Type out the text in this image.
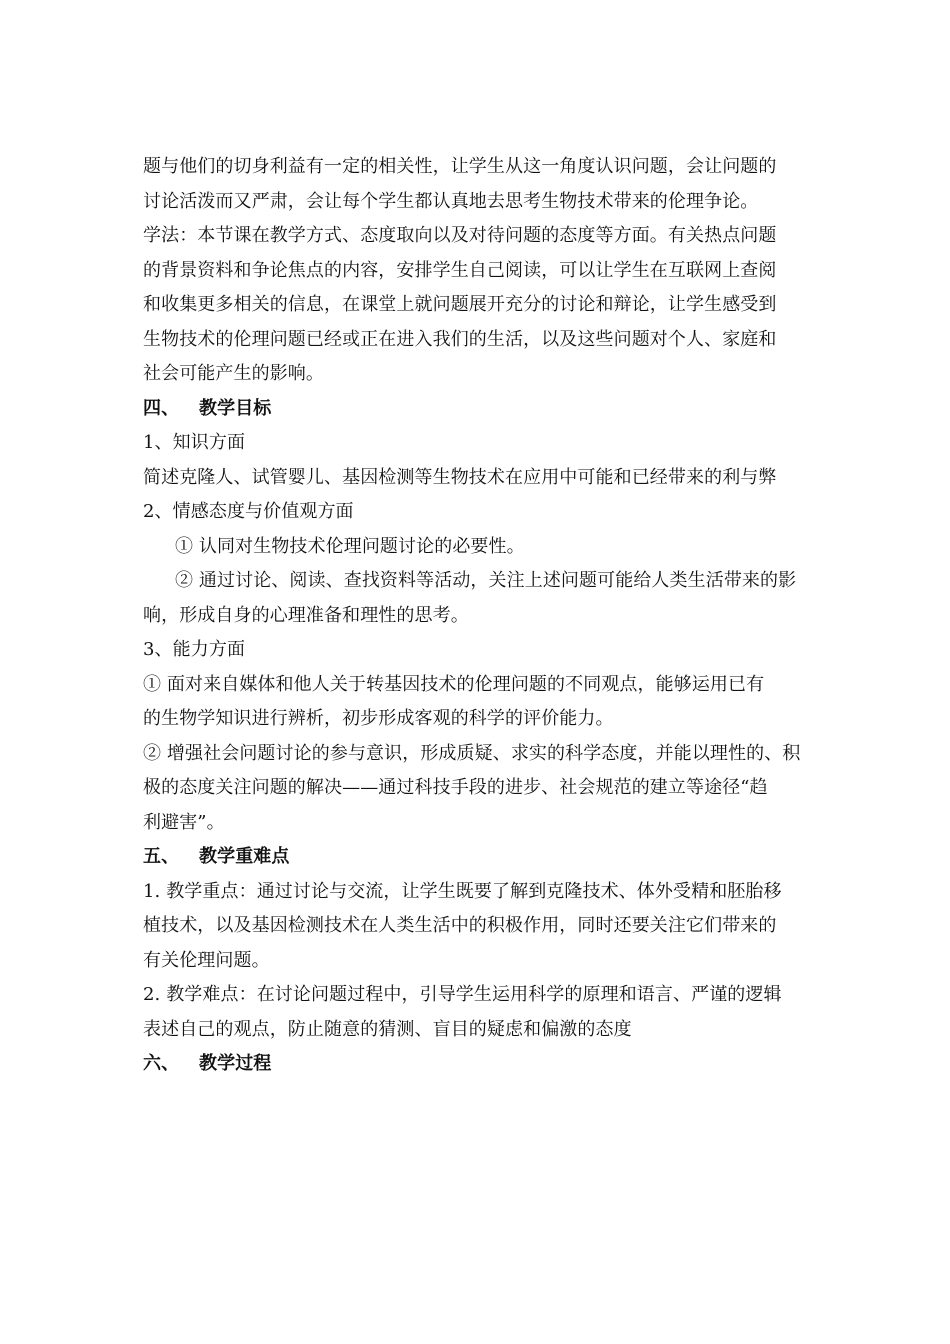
题与他们的切身利益有一定的相关性，让学生从这一角度认识问题，会让问题的
讨论活泼而又严肃，会让每个学生都认真地去思考生物技术带来的伦理争论。
学法：本节课在教学方式、态度取向以及对待问题的态度等方面。有关热点问题
的背景资料和争论焦点的内容，安排学生自己阅读，可以让学生在互联网上查阅
和收集更多相关的信息，在课堂上就问题展开充分的讨论和辩论，让学生感受到
生物技术的伦理问题已经或正在进入我们的生活，以及这些问题对个人、家庭和
社会可能产生的影响。
四、 教学目标
1、知识方面
简述克隆人、试管婴儿、基因检测等生物技术在应用中可能和已经带来的利与弊
2、情感态度与价值观方面
① 认同对生物技术伦理问题讨论的必要性。
② 通过讨论、阅读、查找资料等活动，关注上述问题可能给人类生活带来的影
响，形成自身的心理准备和理性的思考。
3、能力方面
① 面对来自媒体和他人关于转基因技术的伦理问题的不同观点，能够运用已有
的生物学知识进行辨析，初步形成客观的科学的评价能力。
② 增强社会问题讨论的参与意识，形成质疑、求实的科学态度，并能以理性的、积
极的态度关注问题的解决——通过科技手段的进步、社会规范的建立等途径“趋
利避害”。
五、 教学重难点
1. 教学重点：通过讨论与交流，让学生既要了解到克隆技术、体外受精和胚胎移
植技术，以及基因检测技术在人类生活中的积极作用，同时还要关注它们带来的
有关伦理问题。
2. 教学难点：在讨论问题过程中，引导学生运用科学的原理和语言、严谨的逻辑
表述自己的观点，防止随意的猜测、盲目的疑虑和偏激的态度
六、 教学过程
